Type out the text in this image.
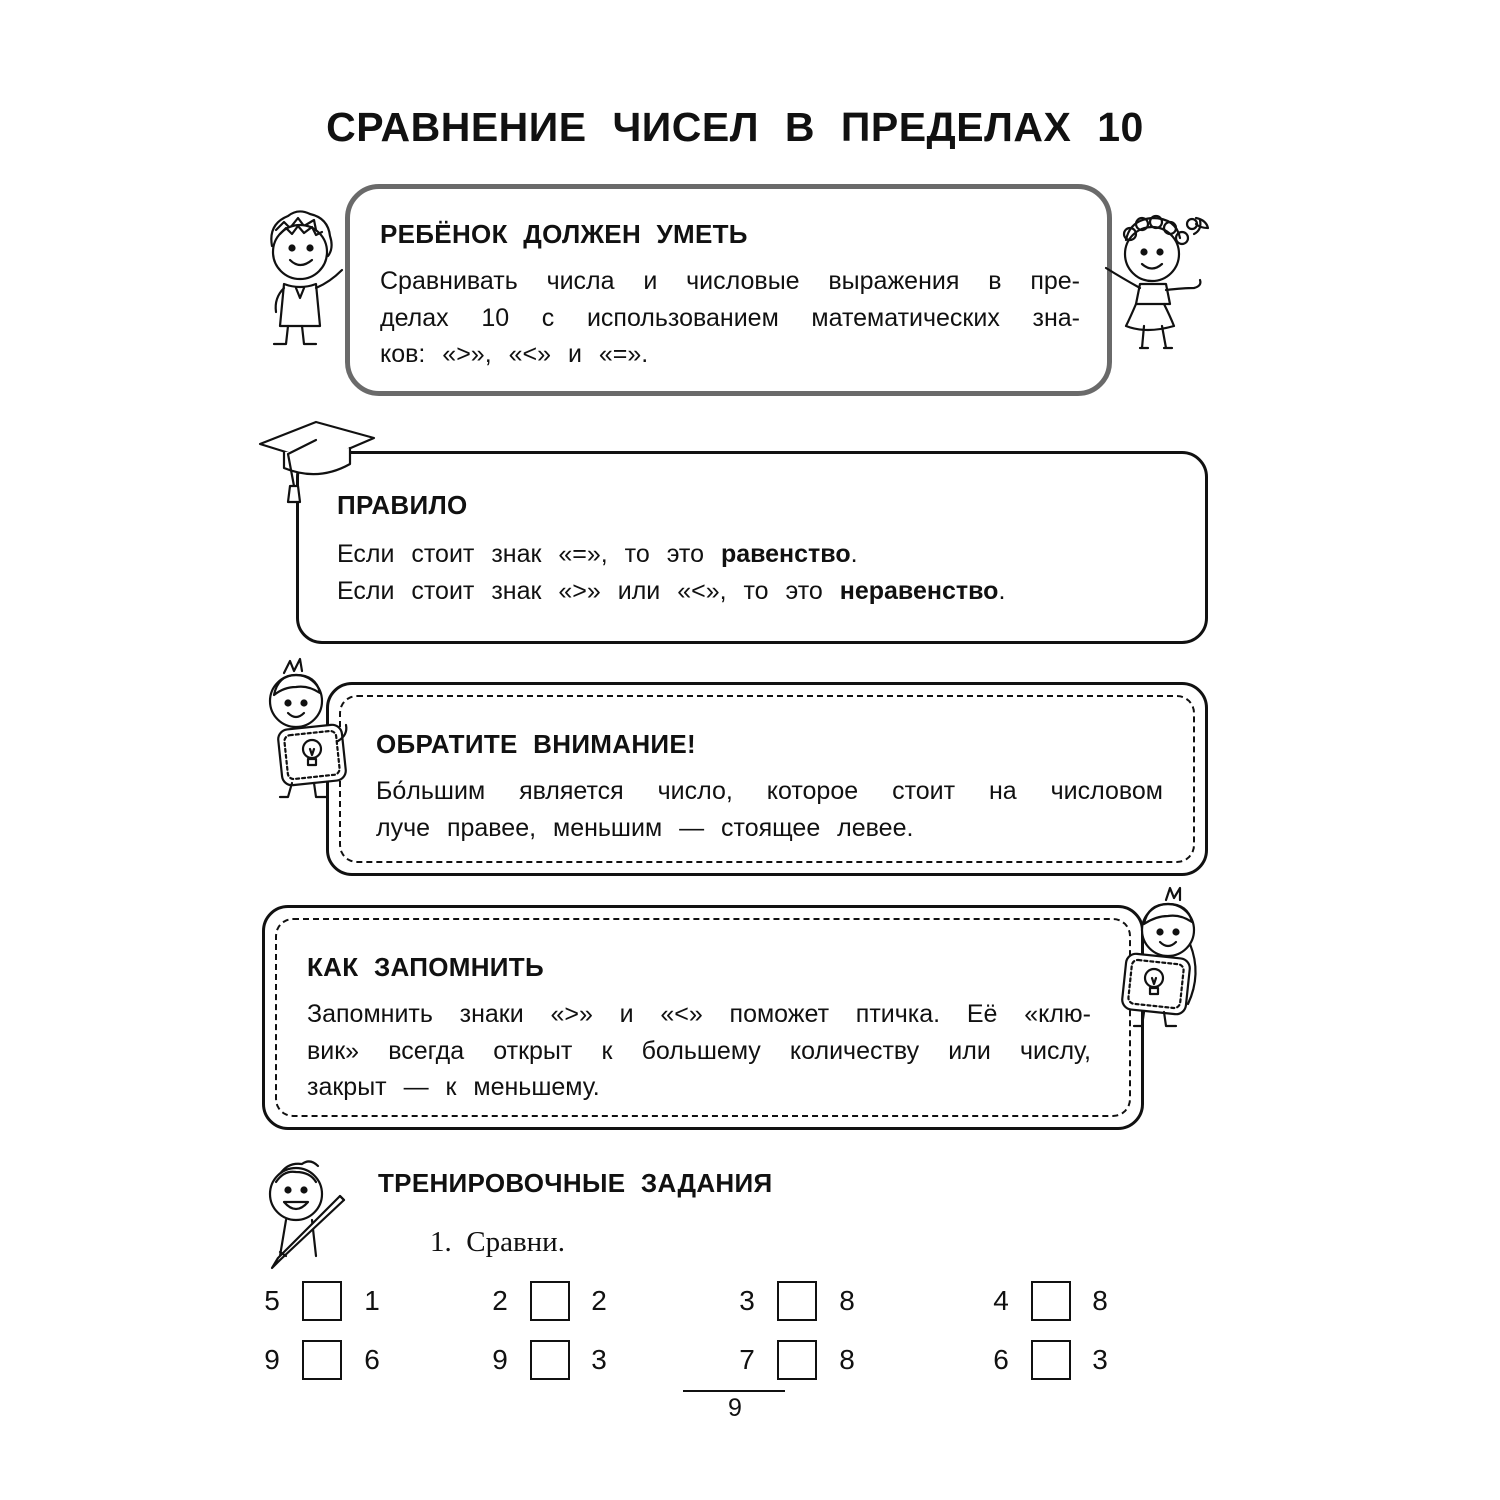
СРАВНЕНИЕ ЧИСЕЛ В ПРЕДЕЛАХ 10
РЕБЁНОК ДОЛЖЕН УМЕТЬ
Сравнивать числа и числовые выражения в пре-
делах 10 с использованием математических зна-
ков: «>», «<» и «=».
ПРАВИЛО
Если стоит знак «=», то это равенство.
Если стоит знак «>» или «<», то это неравенство.
ОБРАТИТЕ ВНИМАНИЕ!
Бо́льшим является число, которое стоит на числовом
луче правее, меньшим — стоящее левее.
КАК ЗАПОМНИТЬ
Запомнить знаки «>» и «<» поможет птичка. Её «клю-
вик» всегда открыт к большему количеству или числу,
закрыт — к меньшему.
ТРЕНИРОВОЧНЫЕ ЗАДАНИЯ
1. Сравни.
5	1	2	2	3	8	4	8
9	6	9	3	7	8	6	3
9
